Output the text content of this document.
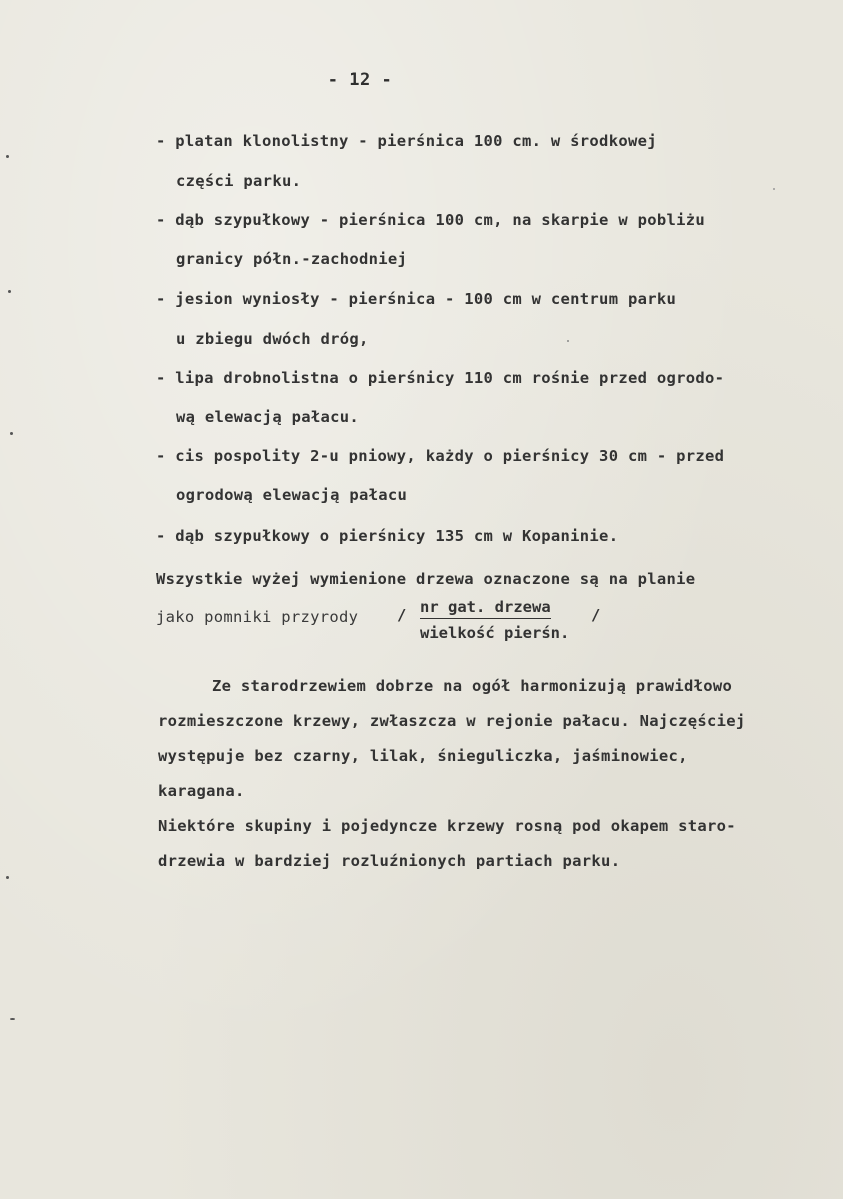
- 12 -
- platan klonolistny - pierśnica 100 cm. w środkowej
części parku.
- dąb szypułkowy - pierśnica 100 cm, na skarpie w pobliżu
granicy półn.-zachodniej
- jesion wyniosły - pierśnica - 100 cm w centrum parku
u zbiegu dwóch dróg,
- lipa drobnolistna o pierśnicy 110 cm rośnie przed ogrodo-
wą elewacją pałacu.
- cis pospolity 2-u pniowy, każdy o pierśnicy 30 cm - przed
ogrodową elewacją pałacu
- dąb szypułkowy o pierśnicy 135 cm w Kopaninie.
Wszystkie wyżej wymienione drzewa oznaczone są na planie
jako pomniki przyrody / nr gat. drzewa
wielkość pierśn.
/
Ze starodrzewiem dobrze na ogół harmonizują prawidłowo
rozmieszczone krzewy, zwłaszcza w rejonie pałacu. Najczęściej
występuje bez czarny, lilak, śnieguliczka, jaśminowiec,
karagana.
Niektóre skupiny i pojedyncze krzewy rosną pod okapem staro-
drzewia w bardziej rozluźnionych partiach parku.
